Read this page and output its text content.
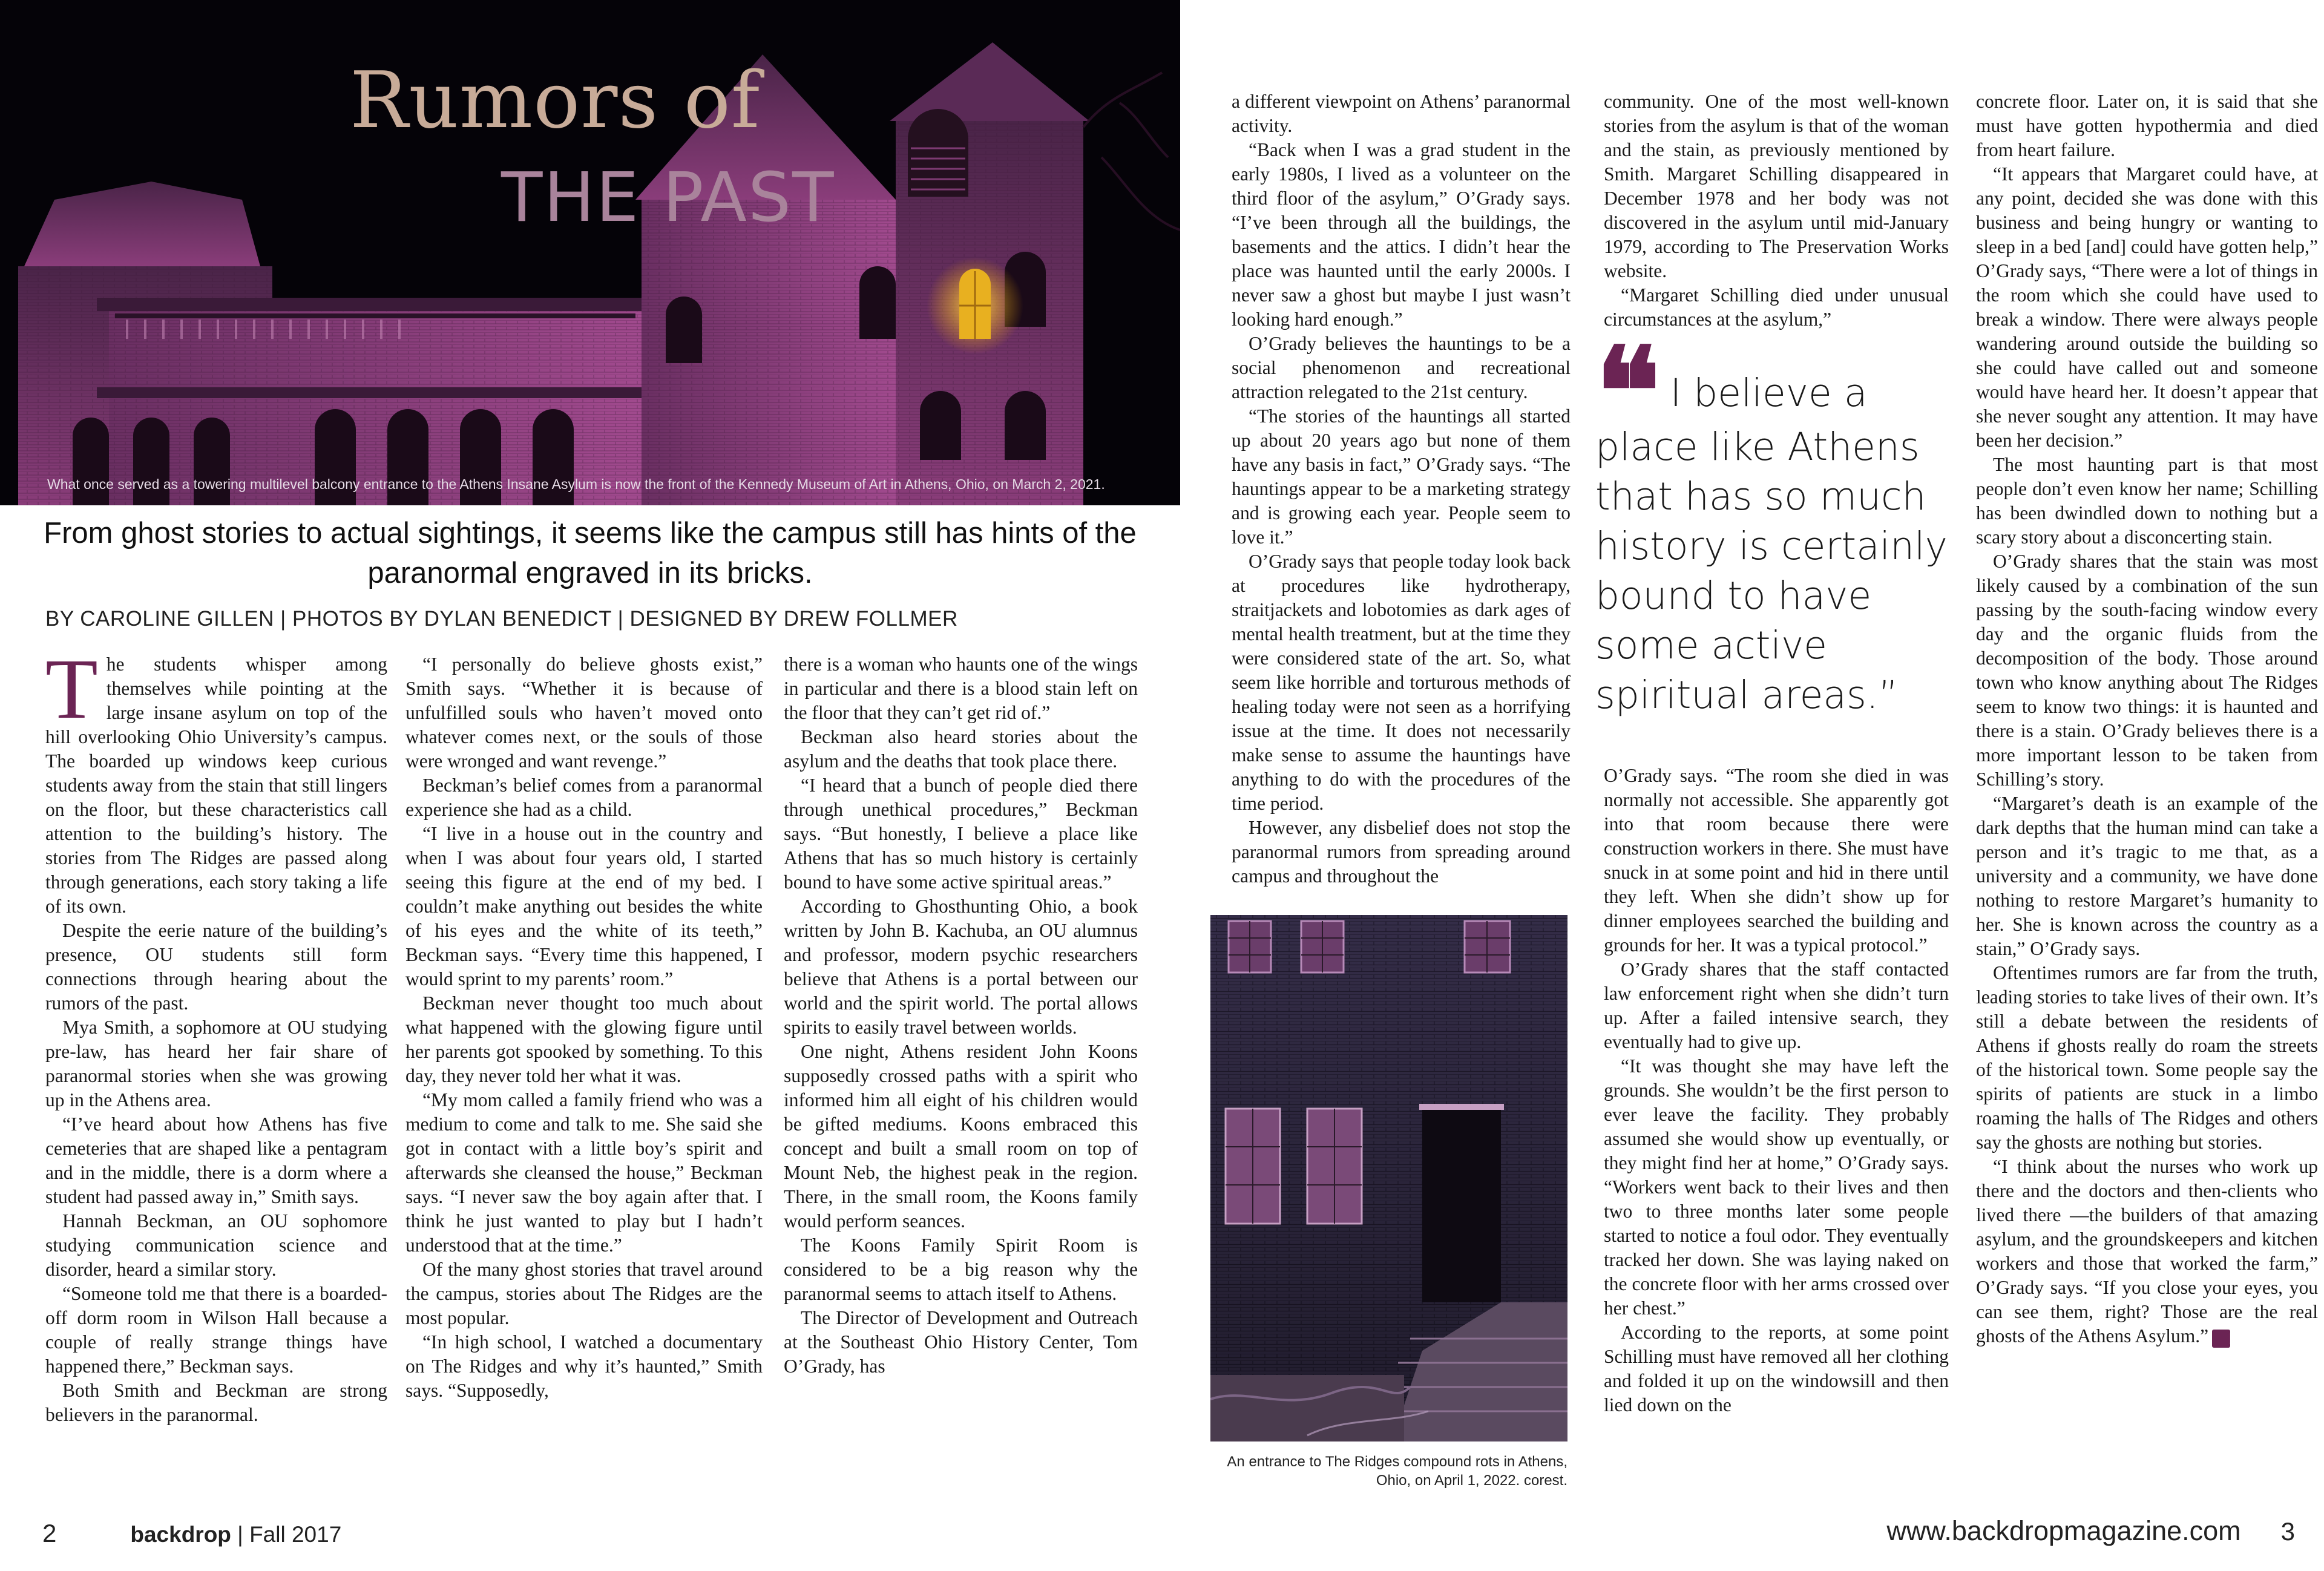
Rumors of
THE PAST
What once served as a towering multilevel balcony entrance to the Athens Insane Asylum is now the front of the Kennedy Museum of Art in Athens, Ohio, on March 2, 2021.
From ghost stories to actual sightings, it seems like the campus still has hints of the paranormal engraved in its bricks.
BY CAROLINE GILLEN | PHOTOS BY DYLAN BENEDICT | DESIGNED BY DREW FOLLMER

The students whisper among themselves while pointing at the large insane asylum on top of the hill overlooking Ohio University’s campus. The boarded up windows keep curious students away from the stain that still lingers on the floor, but these characteristics call attention to the building’s history. The stories from The Ridges are passed along through generations, each story taking a life of its own.

Despite the eerie nature of the building’s presence, OU students still form connections through hearing about the rumors of the past.

Mya Smith, a sophomore at OU studying pre-law, has heard her fair share of paranormal stories when she was growing up in the Athens area.

“I’ve heard about how Athens has five cemeteries that are shaped like a pentagram and in the middle, there is a dorm where a student had passed away in,” Smith says.

Hannah Beckman, an OU sophomore studying communication science and disorder, heard a similar story.

“Someone told me that there is a boarded-off dorm room in Wilson Hall because a couple of really strange things have happened there,” Beckman says.

Both Smith and Beckman are strong believers in the paranormal.

“I personally do believe ghosts exist,” Smith says. “Whether it is because of unfulfilled souls who haven’t moved onto whatever comes next, or the souls of those were wronged and want revenge.”

Beckman’s belief comes from a paranormal experience she had as a child.

“I live in a house out in the country and when I was about four years old, I started seeing this figure at the end of my bed. I couldn’t make anything out besides the white of his eyes and the white of its teeth,” Beckman says. “Every time this happened, I would sprint to my parents’ room.”

Beckman never thought too much about what happened with the glowing figure until her parents got spooked by something. To this day, they never told her what it was.

“My mom called a family friend who was a medium to come and talk to me. She said she got in contact with a little boy’s spirit and afterwards she cleansed the house,” Beckman says. “I never saw the boy again after that. I think he just wanted to play but I hadn’t understood that at the time.”

Of the many ghost stories that travel around the campus, stories about The Ridges are the most popular.

“In high school, I watched a documentary on The Ridges and why it’s haunted,” Smith says. “Supposedly,

there is a woman who haunts one of the wings in particular and there is a blood stain left on the floor that they can’t get rid of.”

Beckman also heard stories about the asylum and the deaths that took place there.

“I heard that a bunch of people died there through unethical procedures,” Beckman says. “But honestly, I believe a place like Athens that has so much history is certainly bound to have some active spiritual areas.”

According to Ghosthunting Ohio, a book written by John B. Kachuba, an OU alumnus and professor, modern psychic researchers believe that Athens is a portal between our world and the spirit world. The portal allows spirits to easily travel between worlds.

One night, Athens resident John Koons supposedly crossed paths with a spirit who informed him all eight of his children would be gifted mediums. Koons embraced this concept and built a small room on top of Mount Neb, the highest peak in the region. There, in the small room, the Koons family would perform seances.

The Koons Family Spirit Room is considered to be a big reason why the paranormal seems to attach itself to Athens.

The Director of Development and Outreach at the Southeast Ohio History Center, Tom O’Grady, has

a different viewpoint on Athens’ paranormal activity.

“Back when I was a grad student in the early 1980s, I lived as a volunteer on the third floor of the asylum,” O’Grady says. “I’ve been through all the buildings, the basements and the attics. I didn’t hear the place was haunted until the early 2000s. I never saw a ghost but maybe I just wasn’t looking hard enough.”

O’Grady believes the hauntings to be a social phenomenon and recreational attraction relegated to the 21st century.

“The stories of the hauntings all started up about 20 years ago but none of them have any basis in fact,” O’Grady says. “The hauntings appear to be a marketing strategy and is growing each year. People seem to love it.”

O’Grady says that people today look back at procedures like hydrotherapy, straitjackets and lobotomies as dark ages of mental health treatment, but at the time they were considered state of the art. So, what seem like horrible and torturous methods of healing today were not seen as a horrifying issue at the time. It does not necessarily make sense to assume the hauntings have anything to do with the procedures of the time period.

However, any disbelief does not stop the paranormal rumors from spreading around campus and throughout the

An entrance to The Ridges compound rots in Athens, Ohio, on April 1, 2022. corest.

community. One of the most well-known stories from the asylum is that of the woman and the stain, as previously mentioned by Smith. Margaret Schilling disappeared in December 1978 and her body was not discovered in the asylum until mid-January 1979, according to The Preservation Works website.

“Margaret Schilling died under unusual circumstances at the asylum,”

❝ I believe a place like Athens that has so much history is certainly bound to have some active spiritual areas.”

O’Grady says. “The room she died in was normally not accessible. She apparently got into that room because there were construction workers in there. She must have snuck in at some point and hid in there until they left. When she didn’t show up for dinner employees searched the building and grounds for her. It was a typical protocol.”

O’Grady shares that the staff contacted law enforcement right when she didn’t turn up. After a failed intensive search, they eventually had to give up.

“It was thought she may have left the grounds. She wouldn’t be the first person to ever leave the facility. They probably assumed she would show up eventually, or they might find her at home,” O’Grady says. “Workers went back to their lives and then two to three months later some people started to notice a foul odor. They eventually tracked her down. She was laying naked on the concrete floor with her arms crossed over her chest.”

According to the reports, at some point Schilling must have removed all her clothing and folded it up on the windowsill and then lied down on the

concrete floor. Later on, it is said that she must have gotten hypothermia and died from heart failure.

“It appears that Margaret could have, at any point, decided she was done with this business and being hungry or wanting to sleep in a bed [and] could have gotten help,” O’Grady says, “There were a lot of things in the room which she could have used to break a window. There were always people wandering around outside the building so she could have called out and someone would have heard her. It doesn’t appear that she never sought any attention. It may have been her decision.”

The most haunting part is that most people don’t even know her name; Schilling has been dwindled down to nothing but a scary story about a disconcerting stain.

O’Grady shares that the stain was most likely caused by a combination of the sun passing by the south-facing window every day and the organic fluids from the decomposition of the body. Those around town who know anything about The Ridges seem to know two things: it is haunted and there is a stain. O’Grady believes there is a more important lesson to be taken from Schilling’s story.

“Margaret’s death is an example of the dark depths that the human mind can take a person and it’s tragic to me that, as a university and a community, we have done nothing to restore Margaret’s humanity to her. She is known across the country as a stain,” O’Grady says.

Oftentimes rumors are far from the truth, leading stories to take lives of their own. It’s still a debate between the residents of Athens if ghosts really do roam the streets of the historical town. Some people say the spirits of patients are stuck in a limbo roaming the halls of The Ridges and others say the ghosts are nothing but stories.

“I think about the nurses who work up there and the doctors and then-clients who lived there —the builders of that amazing asylum, and the groundskeepers and kitchen workers and those that worked the farm,” O’Grady says. “If you close your eyes, you can see them, right? Those are the real ghosts of the Athens Asylum.” b

2	backdrop | Fall 2017	www.backdropmagazine.com 3
